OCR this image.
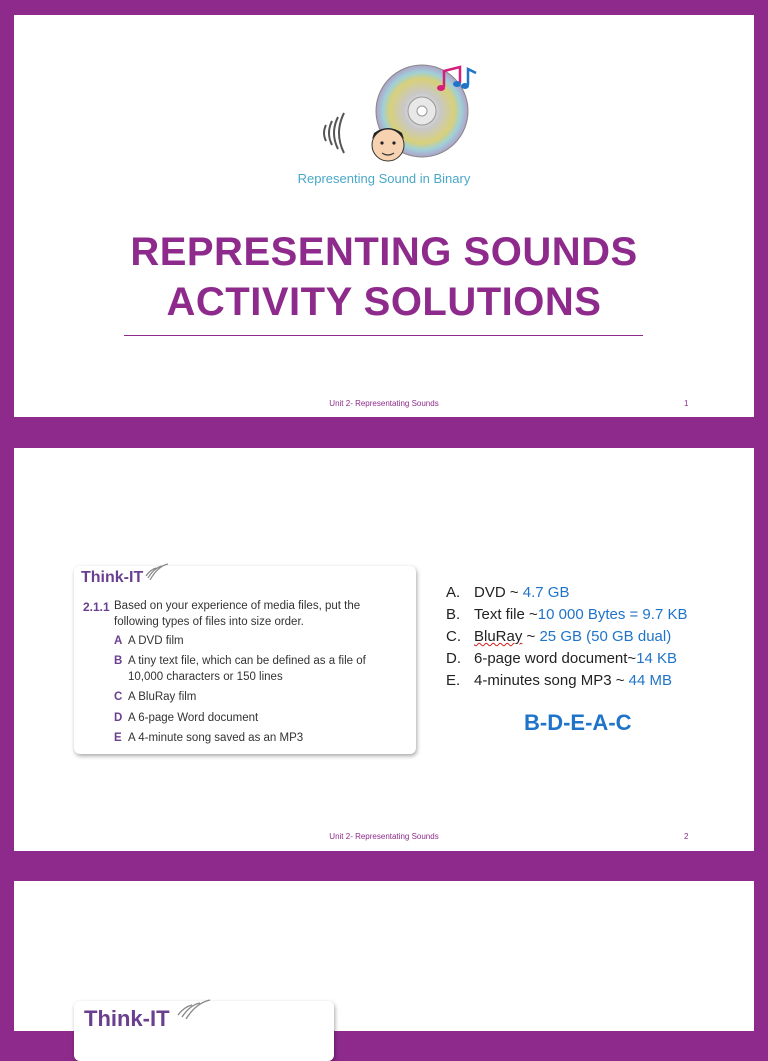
Representing Sound in Binary
REPRESENTING SOUNDS
ACTIVITY SOLUTIONS
Unit 2- Representating Sounds	1
Think-IT
2.1.1 Based on your experience of media files, put the
following types of files into size order.
A A DVD film
B A tiny text file, which can be defined as a file of 10,000 characters or 150 lines
C A BluRay film
D A 6-page Word document
E A 4-minute song saved as an MP3
A. DVD ~ 4.7 GB
B. Text file ~10 000 Bytes = 9.7 KB
C. BluRay ~ 25 GB (50 GB dual)
D. 6-page word document~14 KB
E. 4-minutes song MP3 ~ 44 MB
B-D-E-A-C
Unit 2- Representating Sounds	2
Think-IT
